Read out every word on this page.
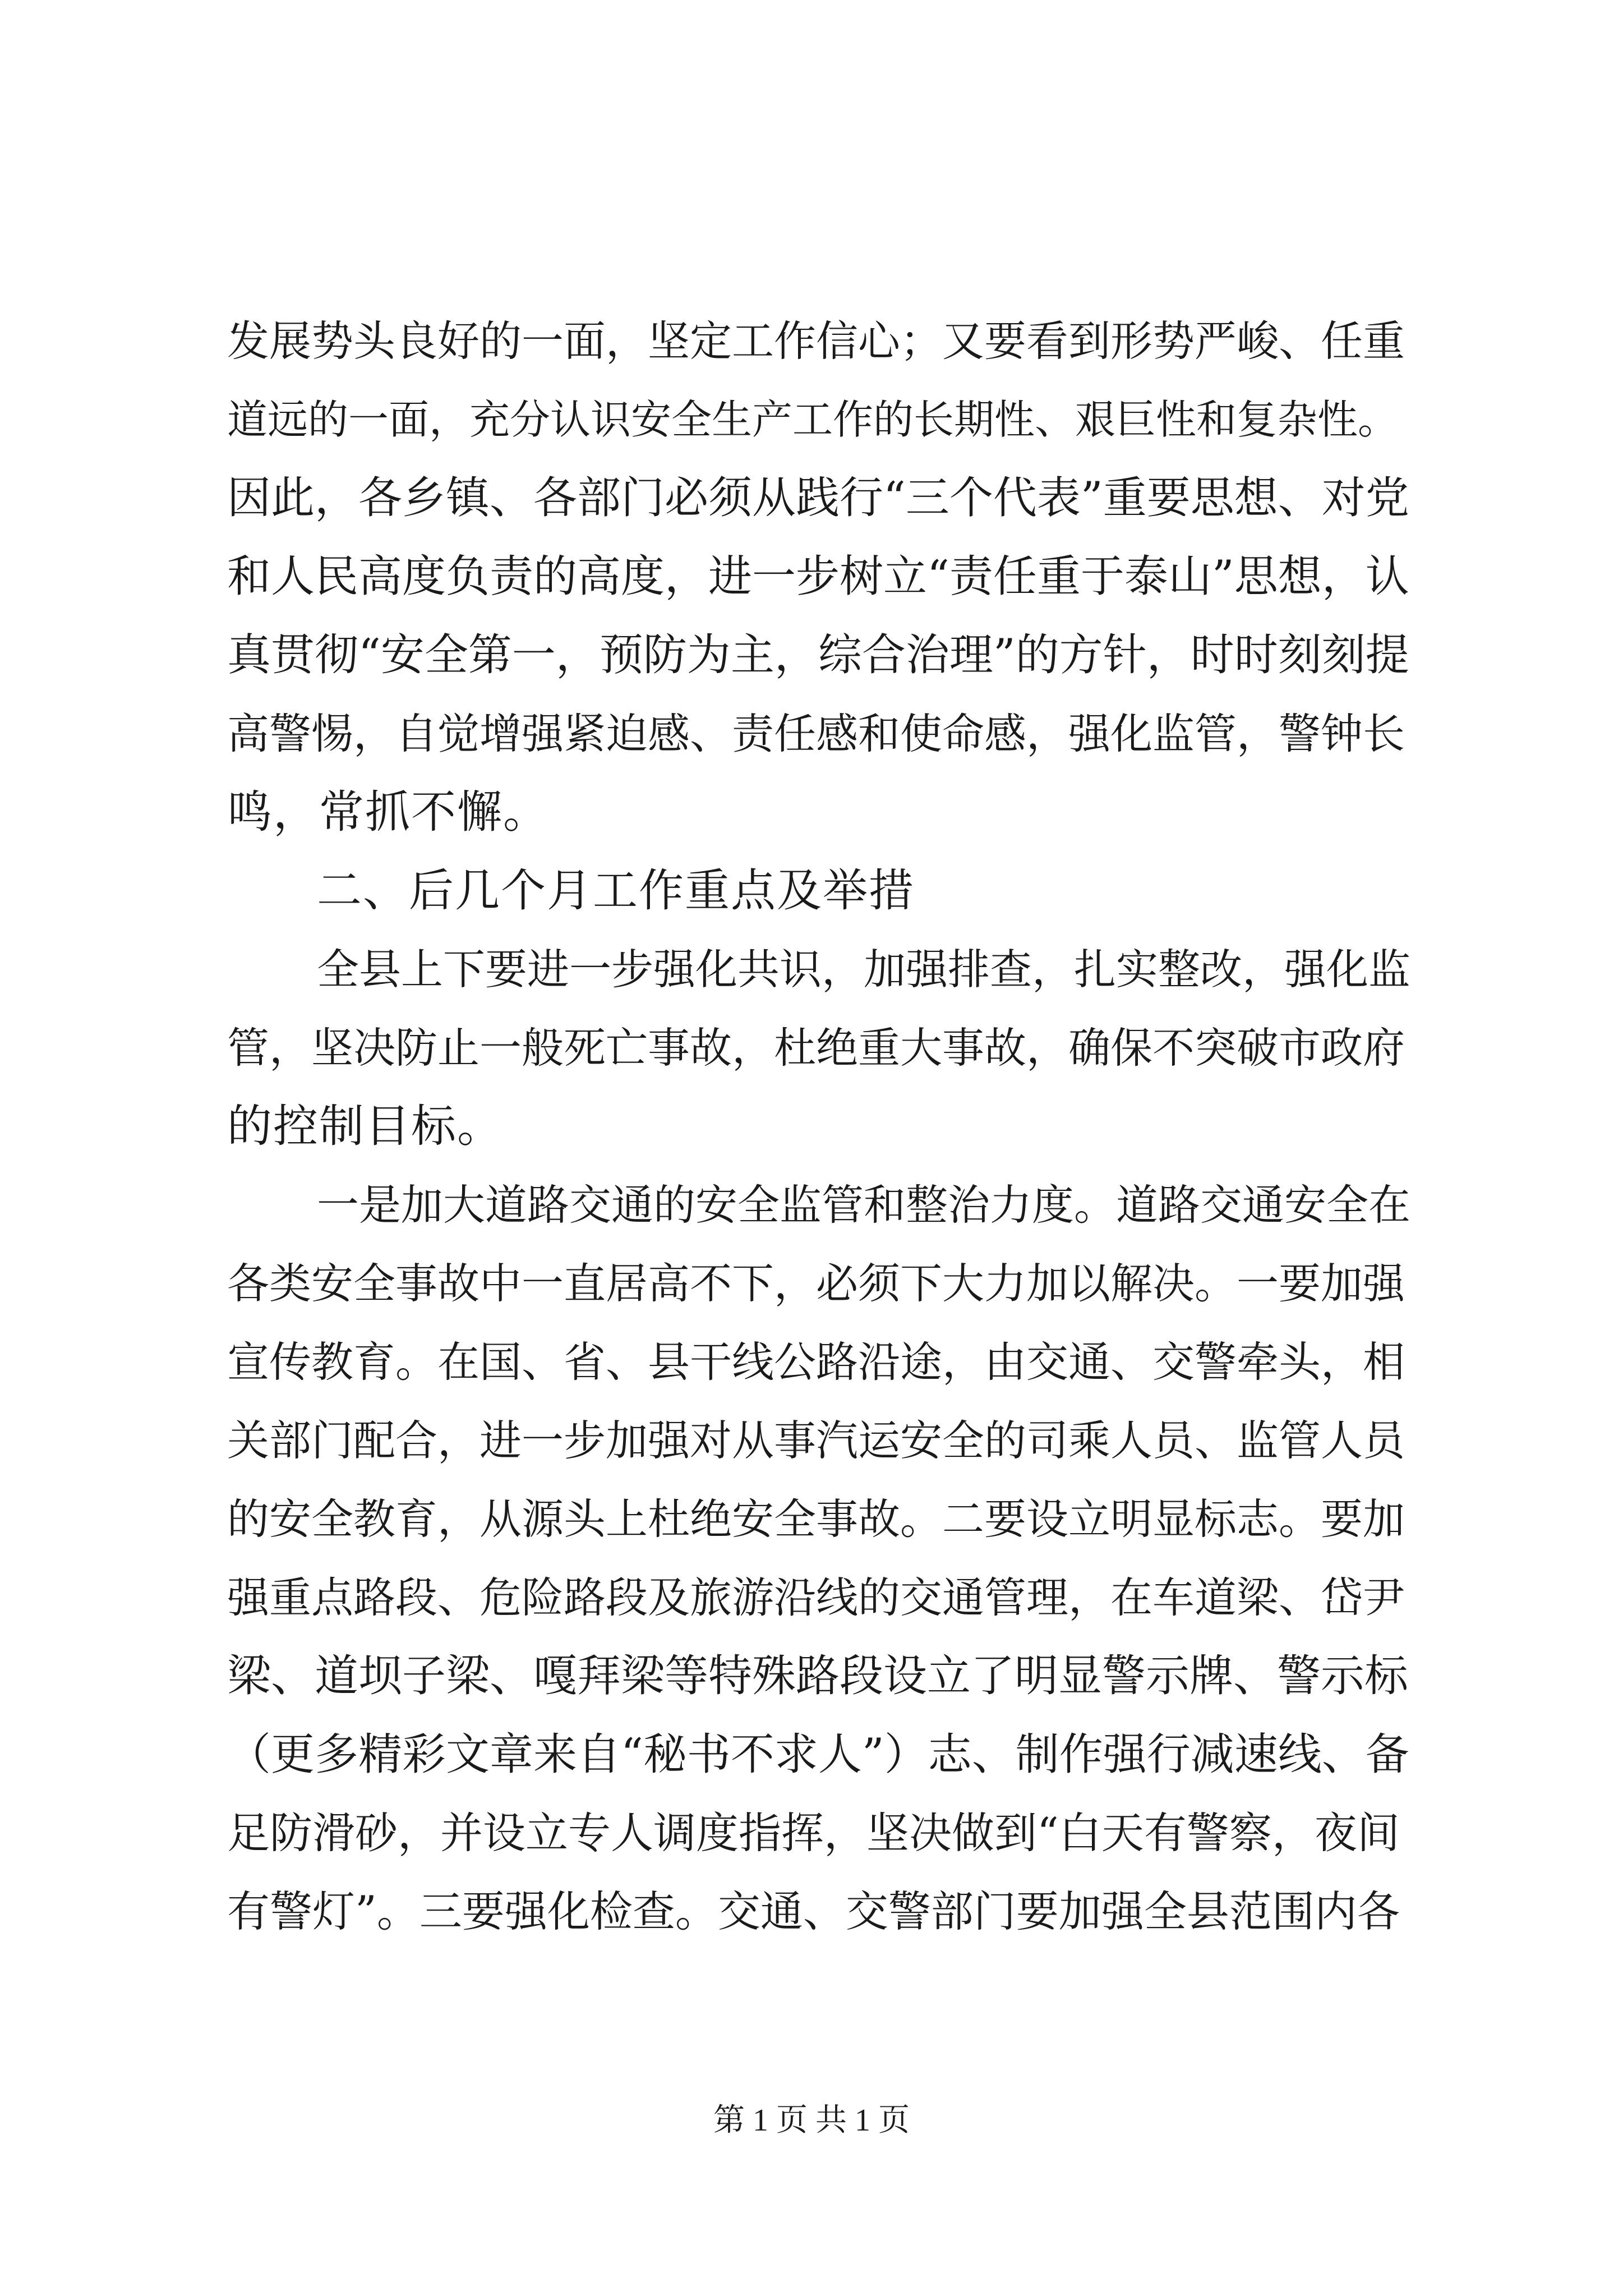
发展势头良好的一面，坚定工作信心；又要看到形势严峻、任重
道远的一面，充分认识安全生产工作的长期性、艰巨性和复杂性。
因此，各乡镇、各部门必须从践行“三个代表”重要思想、对党
和人民高度负责的高度，进一步树立“责任重于泰山”思想，认
真贯彻“安全第一，预防为主，综合治理”的方针，时时刻刻提
高警惕，自觉增强紧迫感、责任感和使命感，强化监管，警钟长
鸣，常抓不懈。
二、后几个月工作重点及举措
全县上下要进一步强化共识，加强排查，扎实整改，强化监
管，坚决防止一般死亡事故，杜绝重大事故，确保不突破市政府
的控制目标。
一是加大道路交通的安全监管和整治力度。道路交通安全在
各类安全事故中一直居高不下，必须下大力加以解决。一要加强
宣传教育。在国、省、县干线公路沿途，由交通、交警牵头，相
关部门配合，进一步加强对从事汽运安全的司乘人员、监管人员
的安全教育，从源头上杜绝安全事故。二要设立明显标志。要加
强重点路段、危险路段及旅游沿线的交通管理，在车道梁、岱尹
梁、道坝子梁、嘎拜梁等特殊路段设立了明显警示牌、警示标
（更多精彩文章来自“秘书不求人”）志、制作强行减速线、备
足防滑砂，并设立专人调度指挥，坚决做到“白天有警察，夜间
有警灯”。三要强化检查。交通、交警部门要加强全县范围内各
第 1 页 共 1 页
